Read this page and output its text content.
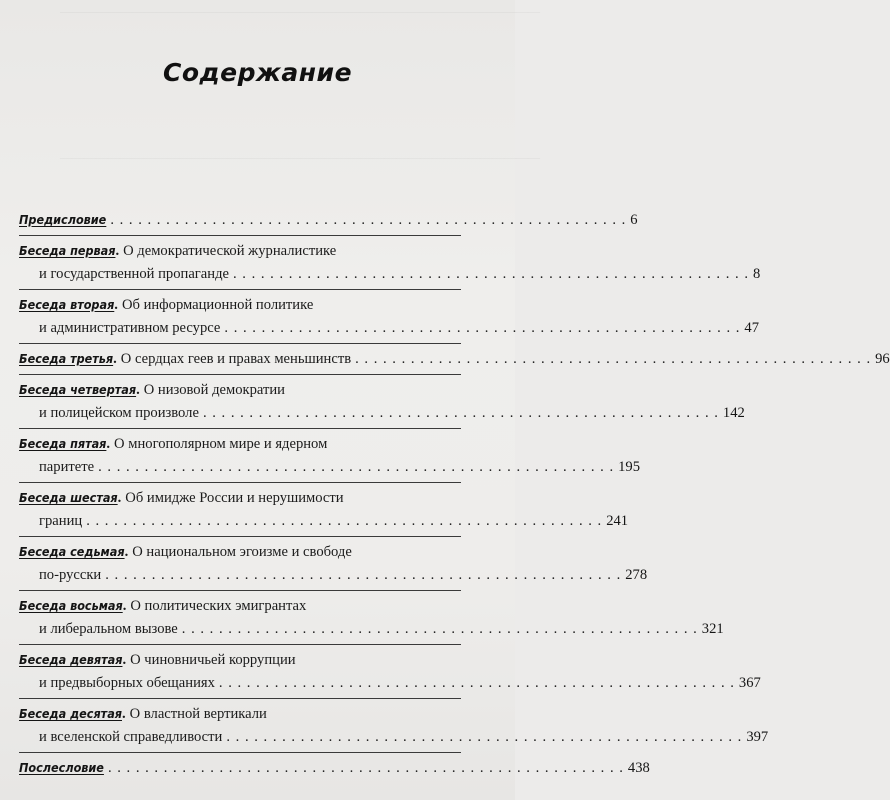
————————————————————————————————————————
————————————————————————————————————————
Содержание
Предисловие . . . . . . . . . . . . . . . . . . . . . . . . . . . . . . . . . . . . . . . . . . . . . . . . . . . . . . . . 6
Беседа первая . О демократической журналистике
и государственной пропаганде . . . . . . . . . . . . . . . . . . . . . . . . . . . . . . . . . . . . . . . . . . . . . . . . . . . . . . . . 8
Беседа вторая . Об информационной политике
и административном ресурсе . . . . . . . . . . . . . . . . . . . . . . . . . . . . . . . . . . . . . . . . . . . . . . . . . . . . . . . . 47
Беседа третья . О сердцах геев и правах меньшинств . . . . . . . . . . . . . . . . . . . . . . . . . . . . . . . . . . . . . . . . . . . . . . . . . . . . . . . . 96
Беседа четвертая . О низовой демократии
и полицейском произволе . . . . . . . . . . . . . . . . . . . . . . . . . . . . . . . . . . . . . . . . . . . . . . . . . . . . . . . . 142
Беседа пятая . О многополярном мире и ядерном
паритете . . . . . . . . . . . . . . . . . . . . . . . . . . . . . . . . . . . . . . . . . . . . . . . . . . . . . . . . 195
Беседа шестая . Об имидже России и нерушимости
границ . . . . . . . . . . . . . . . . . . . . . . . . . . . . . . . . . . . . . . . . . . . . . . . . . . . . . . . . 241
Беседа седьмая . О национальном эгоизме и свободе
по-русски . . . . . . . . . . . . . . . . . . . . . . . . . . . . . . . . . . . . . . . . . . . . . . . . . . . . . . . . 278
Беседа восьмая . О политических эмигрантах
и либеральном вызове . . . . . . . . . . . . . . . . . . . . . . . . . . . . . . . . . . . . . . . . . . . . . . . . . . . . . . . . 321
Беседа девятая . О чиновничьей коррупции
и предвыборных обещаниях . . . . . . . . . . . . . . . . . . . . . . . . . . . . . . . . . . . . . . . . . . . . . . . . . . . . . . . . 367
Беседа десятая . О властной вертикали
и вселенской справедливости . . . . . . . . . . . . . . . . . . . . . . . . . . . . . . . . . . . . . . . . . . . . . . . . . . . . . . . . 397
Послесловие . . . . . . . . . . . . . . . . . . . . . . . . . . . . . . . . . . . . . . . . . . . . . . . . . . . . . . . . 438
